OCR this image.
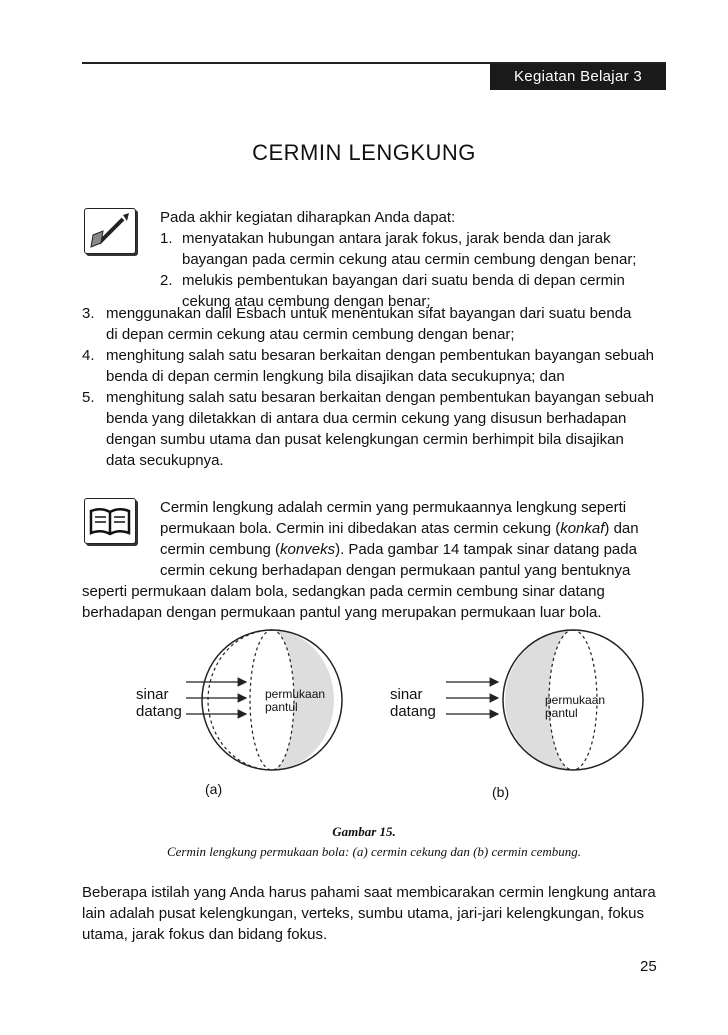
Kegiatan Belajar 3
CERMIN LENGKUNG
Pada akhir kegiatan diharapkan Anda dapat:
1. menyatakan hubungan antara jarak fokus, jarak benda dan jarak
bayangan pada cermin cekung atau cermin cembung dengan benar;
2. melukis pembentukan bayangan dari suatu benda di depan cermin
cekung atau cembung dengan benar;
3. menggunakan dalil Esbach untuk menentukan sifat bayangan dari suatu benda
di depan cermin cekung atau cermin cembung dengan benar;
4. menghitung salah satu besaran berkaitan dengan pembentukan bayangan sebuah
benda di depan cermin lengkung bila disajikan data secukupnya; dan
5. menghitung salah satu besaran berkaitan dengan pembentukan bayangan sebuah
benda yang diletakkan di antara dua cermin cekung yang disusun berhadapan
dengan sumbu utama dan pusat kelengkungan cermin berhimpit bila disajikan
data secukupnya.
Cermin lengkung adalah cermin yang permukaannya lengkung seperti
permukaan bola. Cermin ini dibedakan atas cermin cekung (konkaf) dan
cermin cembung (konveks). Pada gambar 14 tampak sinar datang pada
cermin cekung berhadapan dengan permukaan pantul yang bentuknya
seperti permukaan dalam bola, sedangkan pada cermin cembung sinar datang
berhadapan dengan permukaan pantul yang merupakan permukaan luar bola.
sinar
datang
permukaan
pantul
(a)
sinar
datang
permukaan
pantul
(b)
Gambar 15.
Cermin lengkung permukaan bola: (a) cermin cekung dan (b) cermin cembung.
Beberapa istilah yang Anda harus pahami saat membicarakan cermin lengkung antara
lain adalah pusat kelengkungan, verteks, sumbu utama, jari-jari kelengkungan, fokus
utama, jarak fokus dan bidang fokus.
25
